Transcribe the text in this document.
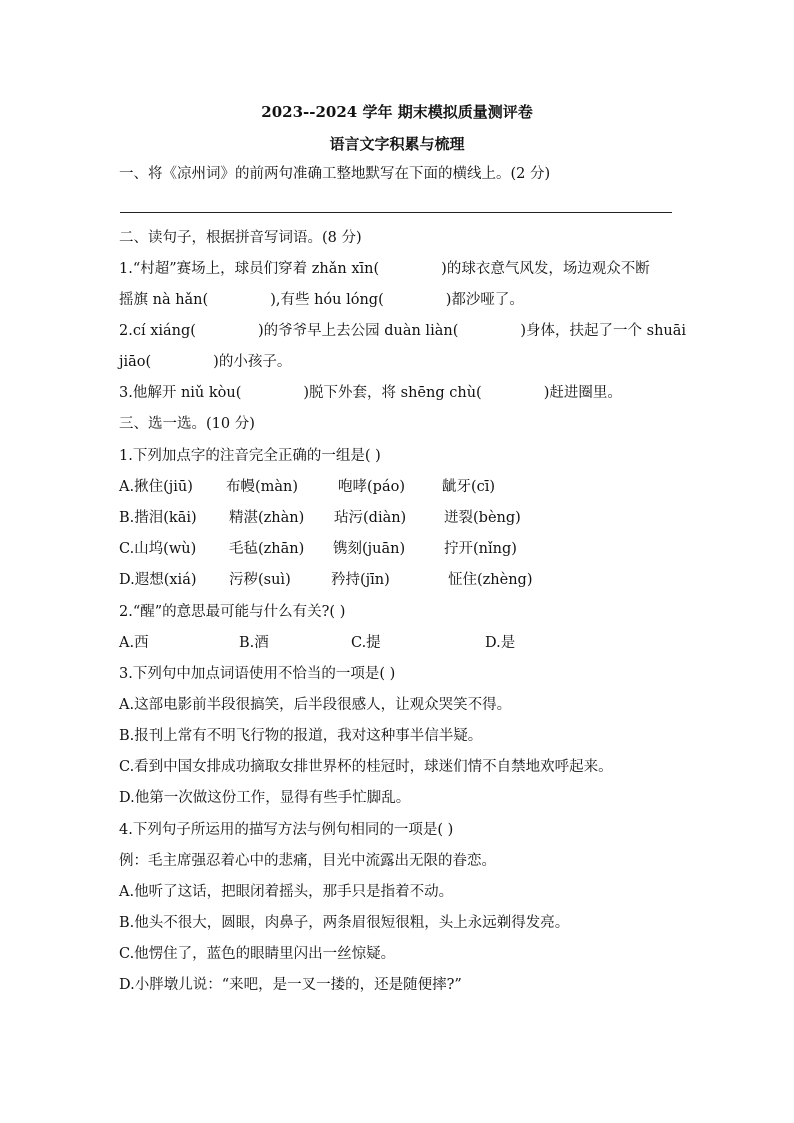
2023--2024 学年 期末模拟质量测评卷
语言文字积累与梳理
一、将《凉州词》的前两句准确工整地默写在下面的横线上。(2 分)
二、读句子，根据拼音写词语。(8 分)
1.“村超”赛场上，球员们穿着 zhǎn xīn(	)的球衣意气风发，场边观众不断
摇旗 nà hǎn(	),有些 hóu lóng(	)都沙哑了。
2.cí xiáng(	)的爷爷早上去公园 duàn liàn(	)身体，扶起了一个 shuāi
jiāo(	)的小孩子。
3.他解开 niǔ kòu(	)脱下外套，将 shēng chù(	)赶进圈里。
三、选一选。(10 分)
1.下列加点字的注音完全正确的一组是( )
A.揪住(jiū) 布幔(màn)	咆哮(páo)	龇牙(cī)
B.揩泪(kāi) 精湛(zhàn) 玷污(diàn)	迸裂(bèng)
C.山坞(wù) 毛毡(zhān) 镌刻(juān)	拧开(nǐng)
D.遐想(xiá) 污秽(suì)	矜持(jīn)	怔住(zhèng)
2.“醒”的意思最可能与什么有关?( )
A.西	B.酒	C.提	D.是
3.下列句中加点词语使用不恰当的一项是( )
A.这部电影前半段很搞笑，后半段很感人，让观众哭笑不得。
B.报刊上常有不明飞行物的报道，我对这种事半信半疑。
C.看到中国女排成功摘取女排世界杯的桂冠时，球迷们情不自禁地欢呼起来。
D.他第一次做这份工作，显得有些手忙脚乱。
4.下列句子所运用的描写方法与例句相同的一项是( )
例：毛主席强忍着心中的悲痛，目光中流露出无限的眷恋。
A.他听了这话，把眼闭着摇头，那手只是指着不动。
B.他头不很大，圆眼，肉鼻子，两条眉很短很粗，头上永远剃得发亮。
C.他愣住了，蓝色的眼睛里闪出一丝惊疑。
D.小胖墩儿说：“来吧，是一叉一搂的，还是随便摔?”
